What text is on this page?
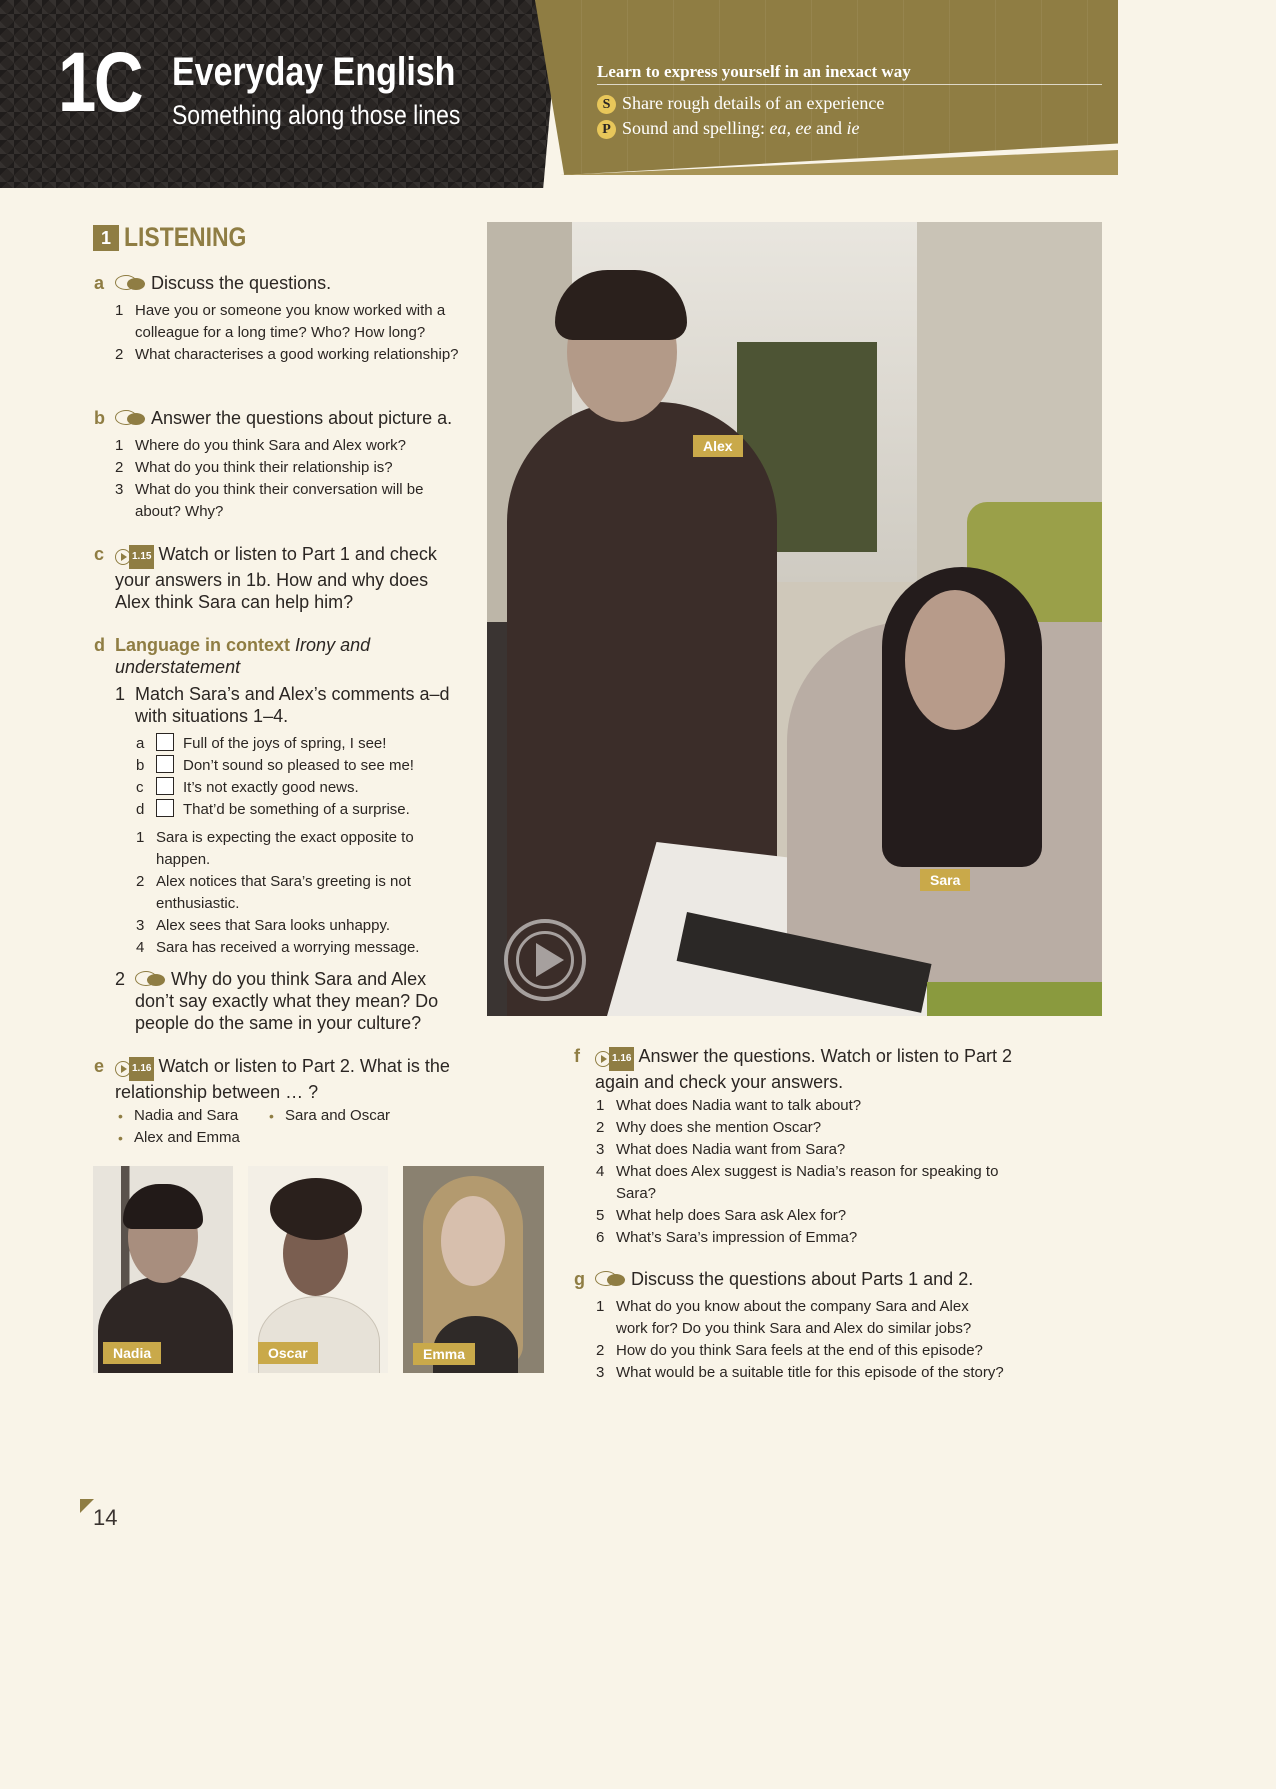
1C Everyday English
Something along those lines
Learn to express yourself in an inexact way
S Share rough details of an experience
P Sound and spelling: ea, ee and ie
1 LISTENING
a	Discuss the questions.
1 Have you or someone you know worked with a colleague for a long time? Who? How long?
2 What characterises a good working relationship?
b	Answer the questions about picture a.
1 Where do you think Sara and Alex work?
2 What do you think their relationship is?
3 What do you think their conversation will be about? Why?
c	1.15 Watch or listen to Part 1 and check your answers in 1b. How and why does Alex think Sara can help him?
d Language in context Irony and understatement
1 Match Sara’s and Alex’s comments a–d with situations 1–4.
a	Full of the joys of spring, I see!
b	Don’t sound so pleased to see me!
c	It’s not exactly good news.
d	That’d be something of a surprise.
1 Sara is expecting the exact opposite to happen.
2 Alex notices that Sara’s greeting is not enthusiastic.
3 Alex sees that Sara looks unhappy.
4 Sara has received a worrying message.
2	Why do you think Sara and Alex don’t say exactly what they mean? Do people do the same in your culture?
e	1.16 Watch or listen to Part 2. What is the relationship between … ?
• Nadia and Sara
•	Sara and Oscar
• Alex and Emma
Nadia	Oscar	Emma
Alex
Sara
f	1.16 Answer the questions. Watch or listen to Part 2 again and check your answers.
1 What does Nadia want to talk about?
2 Why does she mention Oscar?
3 What does Nadia want from Sara?
4 What does Alex suggest is Nadia’s reason for speaking to Sara?
5 What help does Sara ask Alex for?
6 What’s Sara’s impression of Emma?
g	Discuss the questions about Parts 1 and 2.
1 What do you know about the company Sara and Alex work for? Do you think Sara and Alex do similar jobs?
2 How do you think Sara feels at the end of this episode?
3 What would be a suitable title for this episode of the story?
14
